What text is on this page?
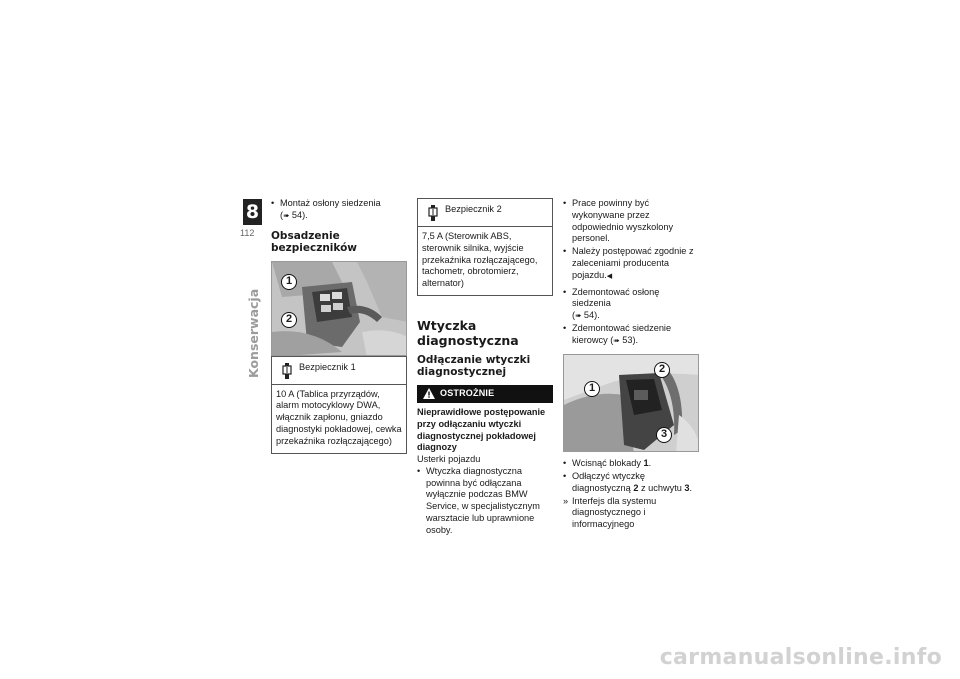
8
112
Konserwacja
• Montaż osłony siedzenia
(➠ 54).
Obsadzenie bezpieczników
1
2
Bezpiecznik 1
10 A (Tablica przyrządów, alarm motocyklowy DWA, włącznik zapłonu, gniazdo diagnostyki pokładowej, cewka przekaźnika rozłączającego)
Bezpiecznik 2
7,5 A (Sterownik ABS, sterownik silnika, wyjście przekaźnika rozłączającego, tachometr, obrotomierz, alternator)
Wtyczka diagnostyczna
Odłączanie wtyczki diagnostycznej
OSTROŻNIE
Nieprawidłowe postępowanie przy odłączaniu wtyczki diagnostycznej pokładowej diagnozy
Usterki pojazdu
• Wtyczka diagnostyczna powinna być odłączana wyłącznie podczas BMW Service, w specjalistycznym warsztacie lub uprawnione osoby.
• Prace powinny być wykonywane przez odpowiednio wyszkolony personel.
• Należy postępować zgodnie z zaleceniami producenta pojazdu.◀
• Zdemontować osłonę siedzenia
(➠ 54).
• Zdemontować siedzenie kierowcy (➠ 53).
1
2
3
• Wcisnąć blokady 1.
• Odłączyć wtyczkę diagnostyczną 2 z uchwytu 3.
» Interfejs dla systemu diagnostycznego i informacyjnego
carmanualsonline.info
